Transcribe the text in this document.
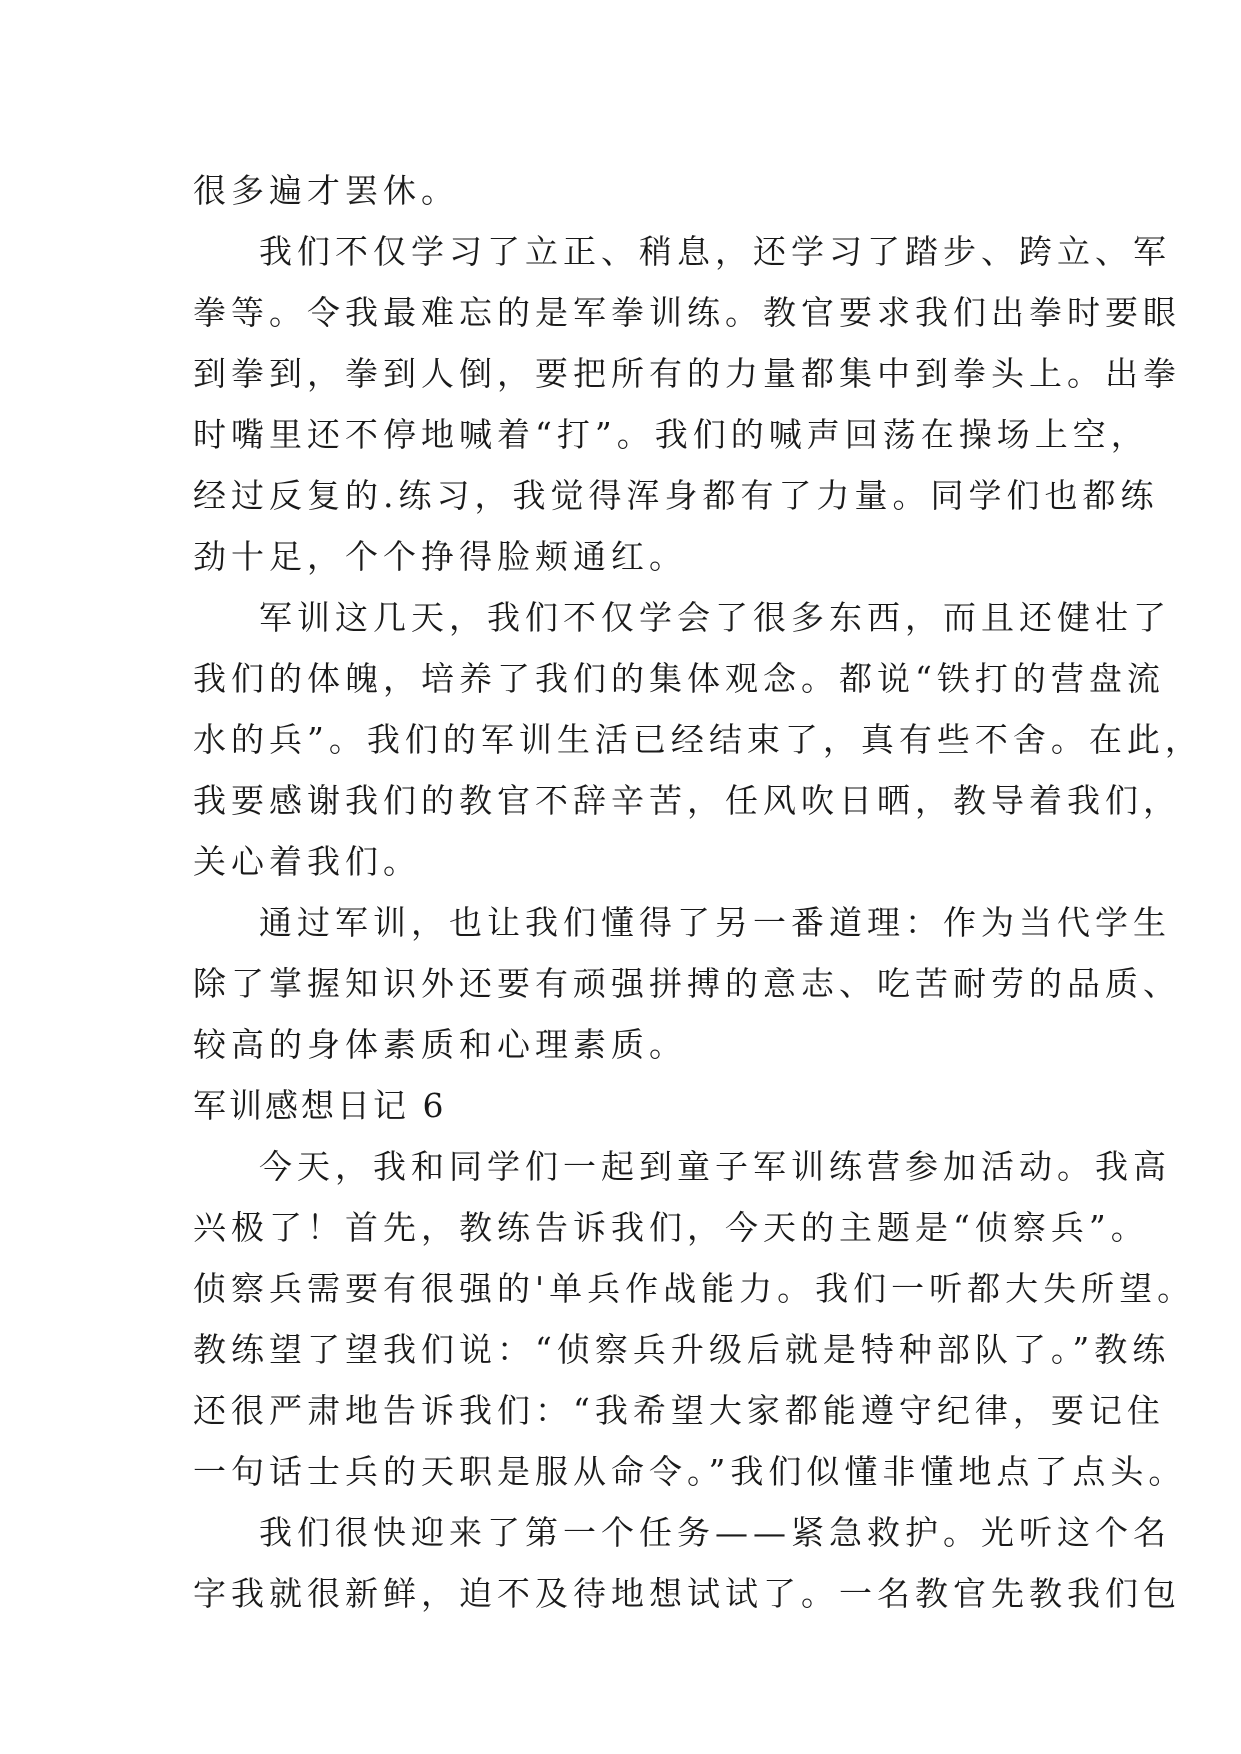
很多遍才罢休。
我们不仅学习了立正、稍息，还学习了踏步、跨立、军
拳等。令我最难忘的是军拳训练。教官要求我们出拳时要眼
到拳到，拳到人倒，要把所有的力量都集中到拳头上。出拳
时嘴里还不停地喊着“打”。我们的喊声回荡在操场上空，
经过反复的.练习，我觉得浑身都有了力量。同学们也都练
劲十足，个个挣得脸颊通红。
军训这几天，我们不仅学会了很多东西，而且还健壮了
我们的体魄，培养了我们的集体观念。都说“铁打的营盘流
水的兵”。我们的军训生活已经结束了，真有些不舍。在此，
我要感谢我们的教官不辞辛苦，任风吹日晒，教导着我们，
关心着我们。
通过军训，也让我们懂得了另一番道理：作为当代学生
除了掌握知识外还要有顽强拼搏的意志、吃苦耐劳的品质、
较高的身体素质和心理素质。
军训感想日记 6
今天，我和同学们一起到童子军训练营参加活动。我高
兴极了！首先，教练告诉我们，今天的主题是“侦察兵”。
侦察兵需要有很强的'单兵作战能力。我们一听都大失所望。
教练望了望我们说：“侦察兵升级后就是特种部队了。”教练
还很严肃地告诉我们：“我希望大家都能遵守纪律，要记住
一句话士兵的天职是服从命令。”我们似懂非懂地点了点头。
我们很快迎来了第一个任务——紧急救护。光听这个名
字我就很新鲜，迫不及待地想试试了。一名教官先教我们包
